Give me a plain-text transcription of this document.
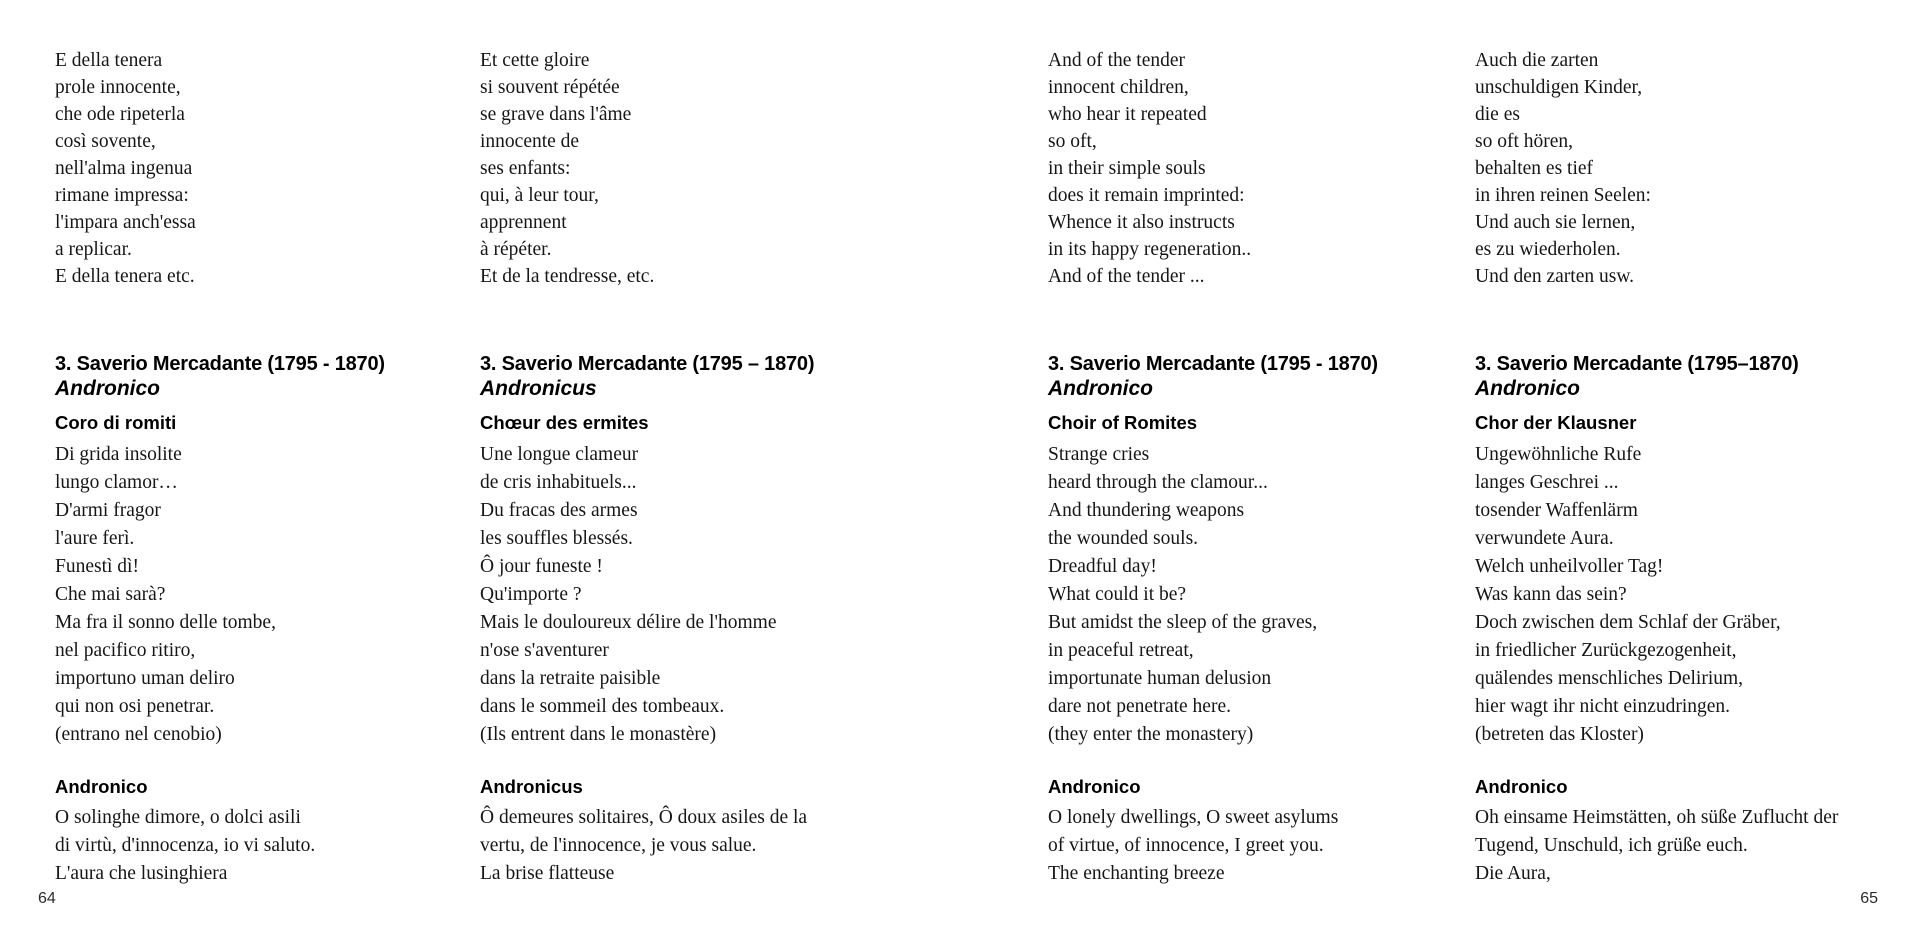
E della tenera
prole innocente,
che ode ripeterla
così sovente,
nell'alma ingenua
rimane impressa:
l'impara anch'essa
a replicar.
E della tenera etc.
3. Saverio Mercadante (1795 - 1870)
Andronico
Coro di romiti
Di grida insolite
lungo clamor…
D'armi fragor
l'aure ferì.
Funestì dì!
Che mai sarà?
Ma fra il sonno delle tombe,
nel pacifico ritiro,
importuno uman deliro
qui non osi penetrar.
(entrano nel cenobio)
Andronico
O solinghe dimore, o dolci asili
di virtù, d'innocenza, io vi saluto.
L'aura che lusinghiera
Et cette gloire
si souvent répétée
se grave dans l'âme
innocente de
ses enfants:
qui, à leur tour,
apprennent
à répéter.
Et de la tendresse, etc.
3. Saverio Mercadante (1795 – 1870)
Andronicus
Chœur des ermites
Une longue clameur
de cris inhabituels...
Du fracas des armes
les souffles blessés.
Ô jour funeste !
Qu'importe ?
Mais le douloureux délire de l'homme
n'ose s'aventurer
dans la retraite paisible
dans le sommeil des tombeaux.
(Ils entrent dans le monastère)
Andronicus
Ô demeures solitaires, Ô doux asiles de la
vertu, de l'innocence, je vous salue.
La brise flatteuse
And of the tender
innocent children,
who hear it repeated
so oft,
in their simple souls
does it remain imprinted:
Whence it also instructs
in its happy regeneration..
And of the tender ...
3. Saverio Mercadante (1795 - 1870)
Andronico
Choir of Romites
Strange cries
heard through the clamour...
And thundering weapons
the wounded souls.
Dreadful day!
What could it be?
But amidst the sleep of the graves,
in peaceful retreat,
importunate human delusion
dare not penetrate here.
(they enter the monastery)
Andronico
O lonely dwellings, O sweet asylums
of virtue, of innocence, I greet you.
The enchanting breeze
Auch die zarten
unschuldigen Kinder,
die es
so oft hören,
behalten es tief
in ihren reinen Seelen:
Und auch sie lernen,
es zu wiederholen.
Und den zarten usw.
3. Saverio Mercadante (1795–1870)
Andronico
Chor der Klausner
Ungewöhnliche Rufe
langes Geschrei ...
tosender Waffenlärm
verwundete Aura.
Welch unheilvoller Tag!
Was kann das sein?
Doch zwischen dem Schlaf der Gräber,
in friedlicher Zurückgezogenheit,
quälendes menschliches Delirium,
hier wagt ihr nicht einzudringen.
(betreten das Kloster)
Andronico
Oh einsame Heimstätten, oh süße Zuflucht der
Tugend, Unschuld, ich grüße euch.
Die Aura,
64	65
